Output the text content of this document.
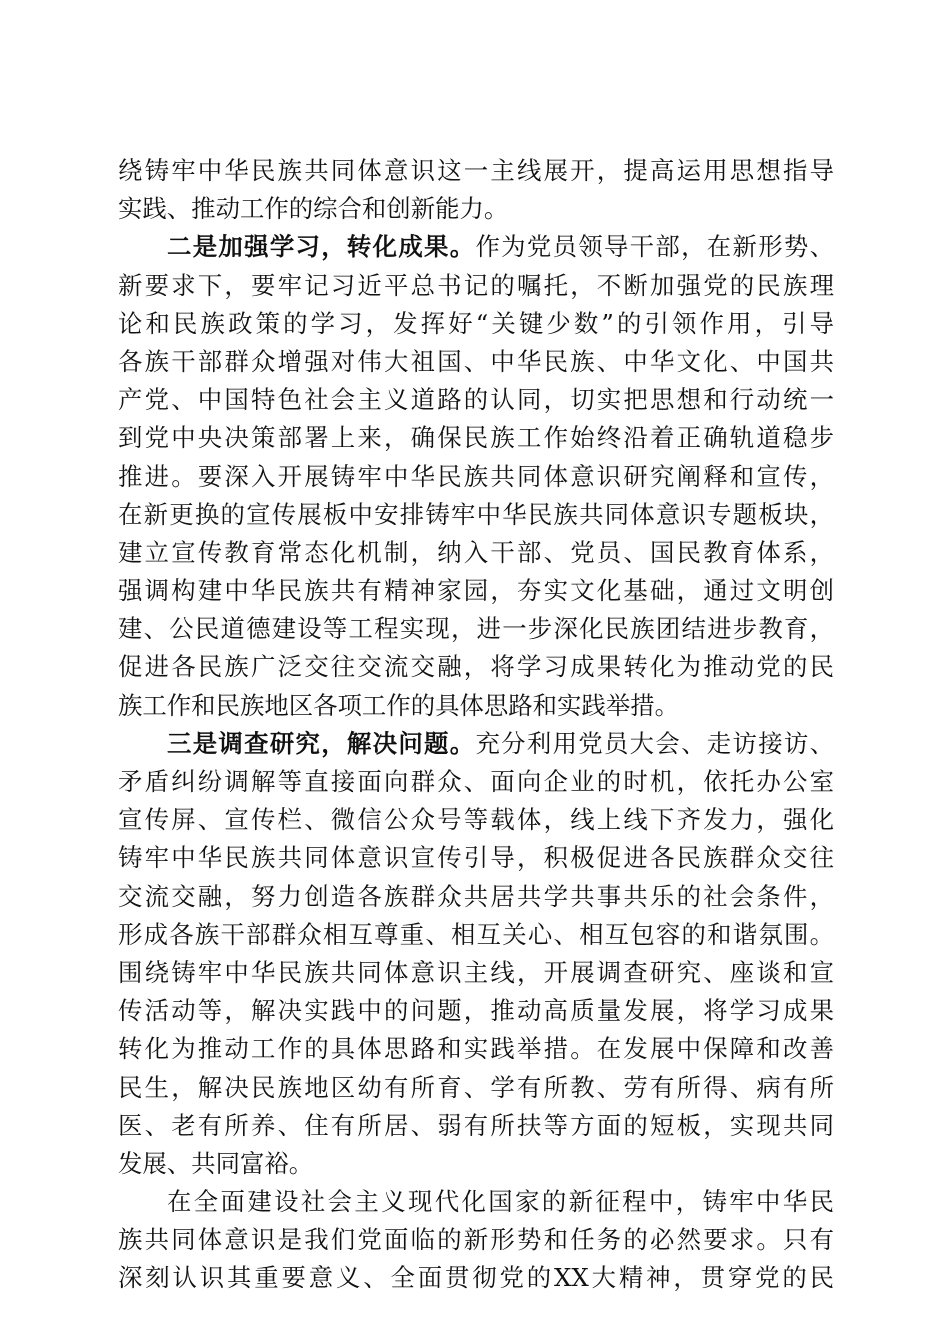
绕铸牢中华民族共同体意识这一主线展开，提高运用思想指导
实践、推动工作的综合和创新能力。
二是加强学习，转化成果。作为党员领导干部，在新形势、
新要求下，要牢记习近平总书记的嘱托，不断加强党的民族理
论和民族政策的学习，发挥好“关键少数”的引领作用，引导
各族干部群众增强对伟大祖国、中华民族、中华文化、中国共
产党、中国特色社会主义道路的认同，切实把思想和行动统一
到党中央决策部署上来，确保民族工作始终沿着正确轨道稳步
推进。要深入开展铸牢中华民族共同体意识研究阐释和宣传，
在新更换的宣传展板中安排铸牢中华民族共同体意识专题板块，
建立宣传教育常态化机制，纳入干部、党员、国民教育体系，
强调构建中华民族共有精神家园，夯实文化基础，通过文明创
建、公民道德建设等工程实现，进一步深化民族团结进步教育，
促进各民族广泛交往交流交融，将学习成果转化为推动党的民
族工作和民族地区各项工作的具体思路和实践举措。
三是调查研究，解决问题。充分利用党员大会、走访接访、
矛盾纠纷调解等直接面向群众、面向企业的时机，依托办公室
宣传屏、宣传栏、微信公众号等载体，线上线下齐发力，强化
铸牢中华民族共同体意识宣传引导，积极促进各民族群众交往
交流交融，努力创造各族群众共居共学共事共乐的社会条件，
形成各族干部群众相互尊重、相互关心、相互包容的和谐氛围。
围绕铸牢中华民族共同体意识主线，开展调查研究、座谈和宣
传活动等，解决实践中的问题，推动高质量发展，将学习成果
转化为推动工作的具体思路和实践举措。在发展中保障和改善
民生，解决民族地区幼有所育、学有所教、劳有所得、病有所
医、老有所养、住有所居、弱有所扶等方面的短板，实现共同
发展、共同富裕。
在全面建设社会主义现代化国家的新征程中，铸牢中华民
族共同体意识是我们党面临的新形势和任务的必然要求。只有
深刻认识其重要意义、全面贯彻党的XX大精神，贯穿党的民
